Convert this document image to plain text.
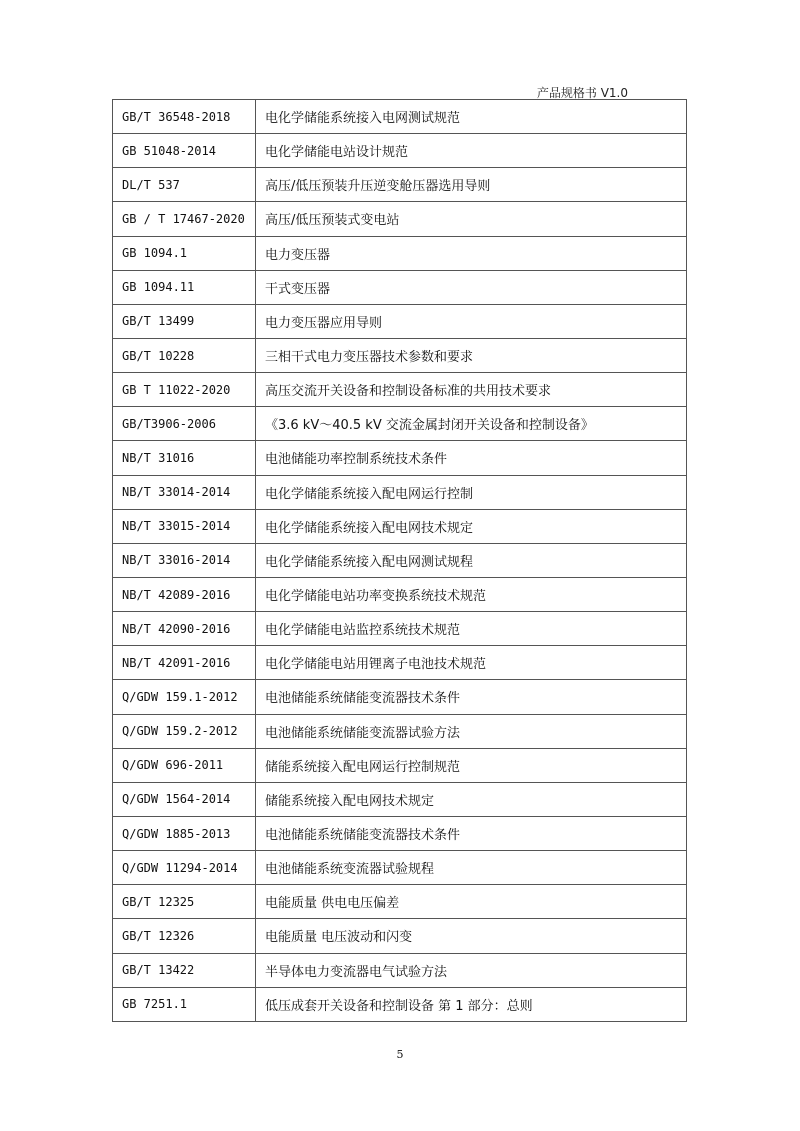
产品规格书 V1.0
GB/T 36548-2018	电化学储能系统接入电网测试规范
GB 51048-2014	电化学储能电站设计规范
DL/T 537	高压/低压预装升压逆变舱压器选用导则
GB / T 17467-2020	高压/低压预装式变电站
GB 1094.1	电力变压器
GB 1094.11	干式变压器
GB/T 13499	电力变压器应用导则
GB/T 10228	三相干式电力变压器技术参数和要求
GB T 11022-2020	高压交流开关设备和控制设备标准的共用技术要求
GB/T3906-2006	《3.6 kV～40.5 kV 交流金属封闭开关设备和控制设备》
NB/T 31016	电池储能功率控制系统技术条件
NB/T 33014-2014	电化学储能系统接入配电网运行控制
NB/T 33015-2014	电化学储能系统接入配电网技术规定
NB/T 33016-2014	电化学储能系统接入配电网测试规程
NB/T 42089-2016	电化学储能电站功率变换系统技术规范
NB/T 42090-2016	电化学储能电站监控系统技术规范
NB/T 42091-2016	电化学储能电站用锂离子电池技术规范
Q/GDW 159.1-2012	电池储能系统储能变流器技术条件
Q/GDW 159.2-2012	电池储能系统储能变流器试验方法
Q/GDW 696-2011	储能系统接入配电网运行控制规范
Q/GDW 1564-2014	储能系统接入配电网技术规定
Q/GDW 1885-2013	电池储能系统储能变流器技术条件
Q/GDW 11294-2014	电池储能系统变流器试验规程
GB/T 12325	电能质量 供电电压偏差
GB/T 12326	电能质量 电压波动和闪变
GB/T 13422	半导体电力变流器电气试验方法
GB 7251.1	低压成套开关设备和控制设备 第 1 部分：总则
5
